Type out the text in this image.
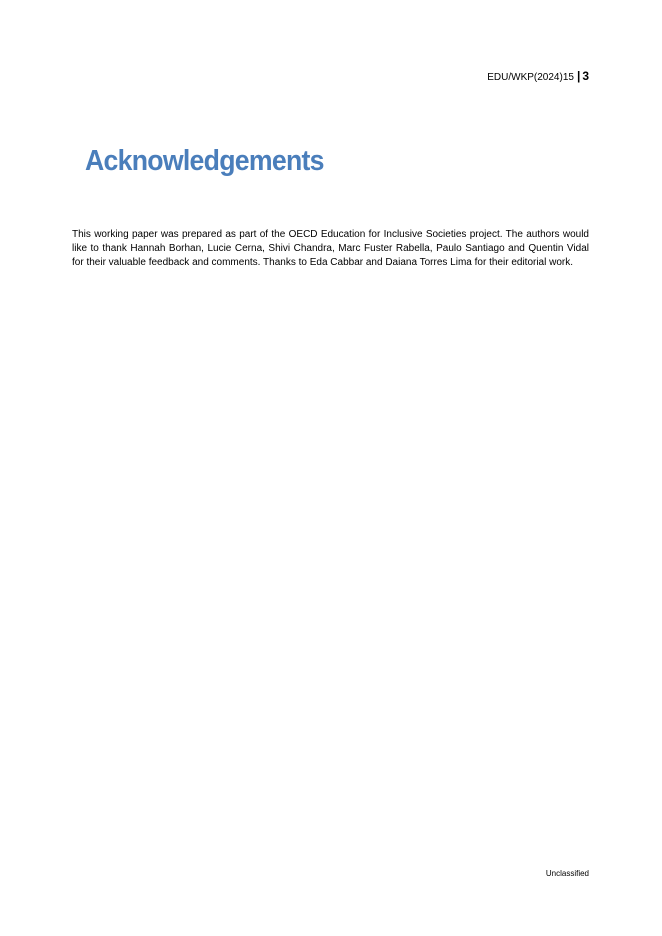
EDU/WKP(2024)15 | 3
Acknowledgements

This working paper was prepared as part of the OECD Education for Inclusive Societies project. The authors would like to thank Hannah Borhan, Lucie Cerna, Shivi Chandra, Marc Fuster Rabella, Paulo Santiago and Quentin Vidal for their valuable feedback and comments. Thanks to Eda Cabbar and Daiana Torres Lima for their editorial work.

Unclassified
